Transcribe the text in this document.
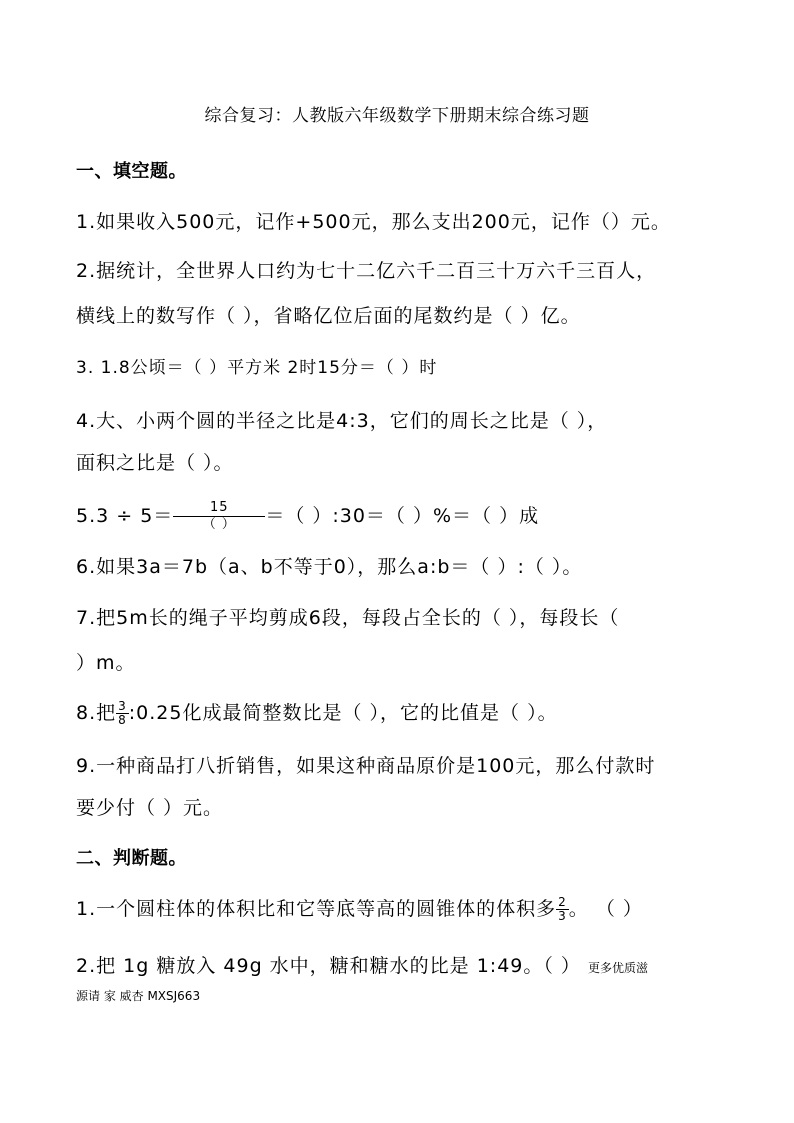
综合复习：人教版六年级数学下册期末综合练习题
一、填空题。
1.如果收入500元，记作+500元，那么支出200元，记作（）元。
2.据统计，全世界人口约为七十二亿六千二百三十万六千三百人，
横线上的数写作（ ），省略亿位后面的尾数约是（ ）亿。
3. 1.8公顷＝（ ）平方米 2时15分＝（ ）时
4.大、小两个圆的半径之比是4:3，它们的周长之比是（ ），
面积之比是（ ）。
$5.3 \div 5= \frac{15}{( )}$ ＝（ ）:30＝（ ）%＝（ ）成
6.如果3a＝7b（a、b不等于0），那么a:b＝（ ）:（ ）。
7.把5m长的绳子平均剪成6段，每段占全长的（ ），每段长（
）m。
8.把 $\frac{3}{8}$ :0.25化成最简整数比是（ ），它的比值是（ ）。
9.一种商品打八折销售，如果这种商品原价是100元，那么付款时
要少付（ ）元。
二、判断题。
1.一个圆柱体的体积比和它等底等高的圆锥体的体积多 $\frac{2}{3}$ 。 （ ）
2.把 1g 糖放入 49g 水中，糖和糖水的比是 1:49。（ ） 更多优质滋
源请 家 威杏 MXSJ663
